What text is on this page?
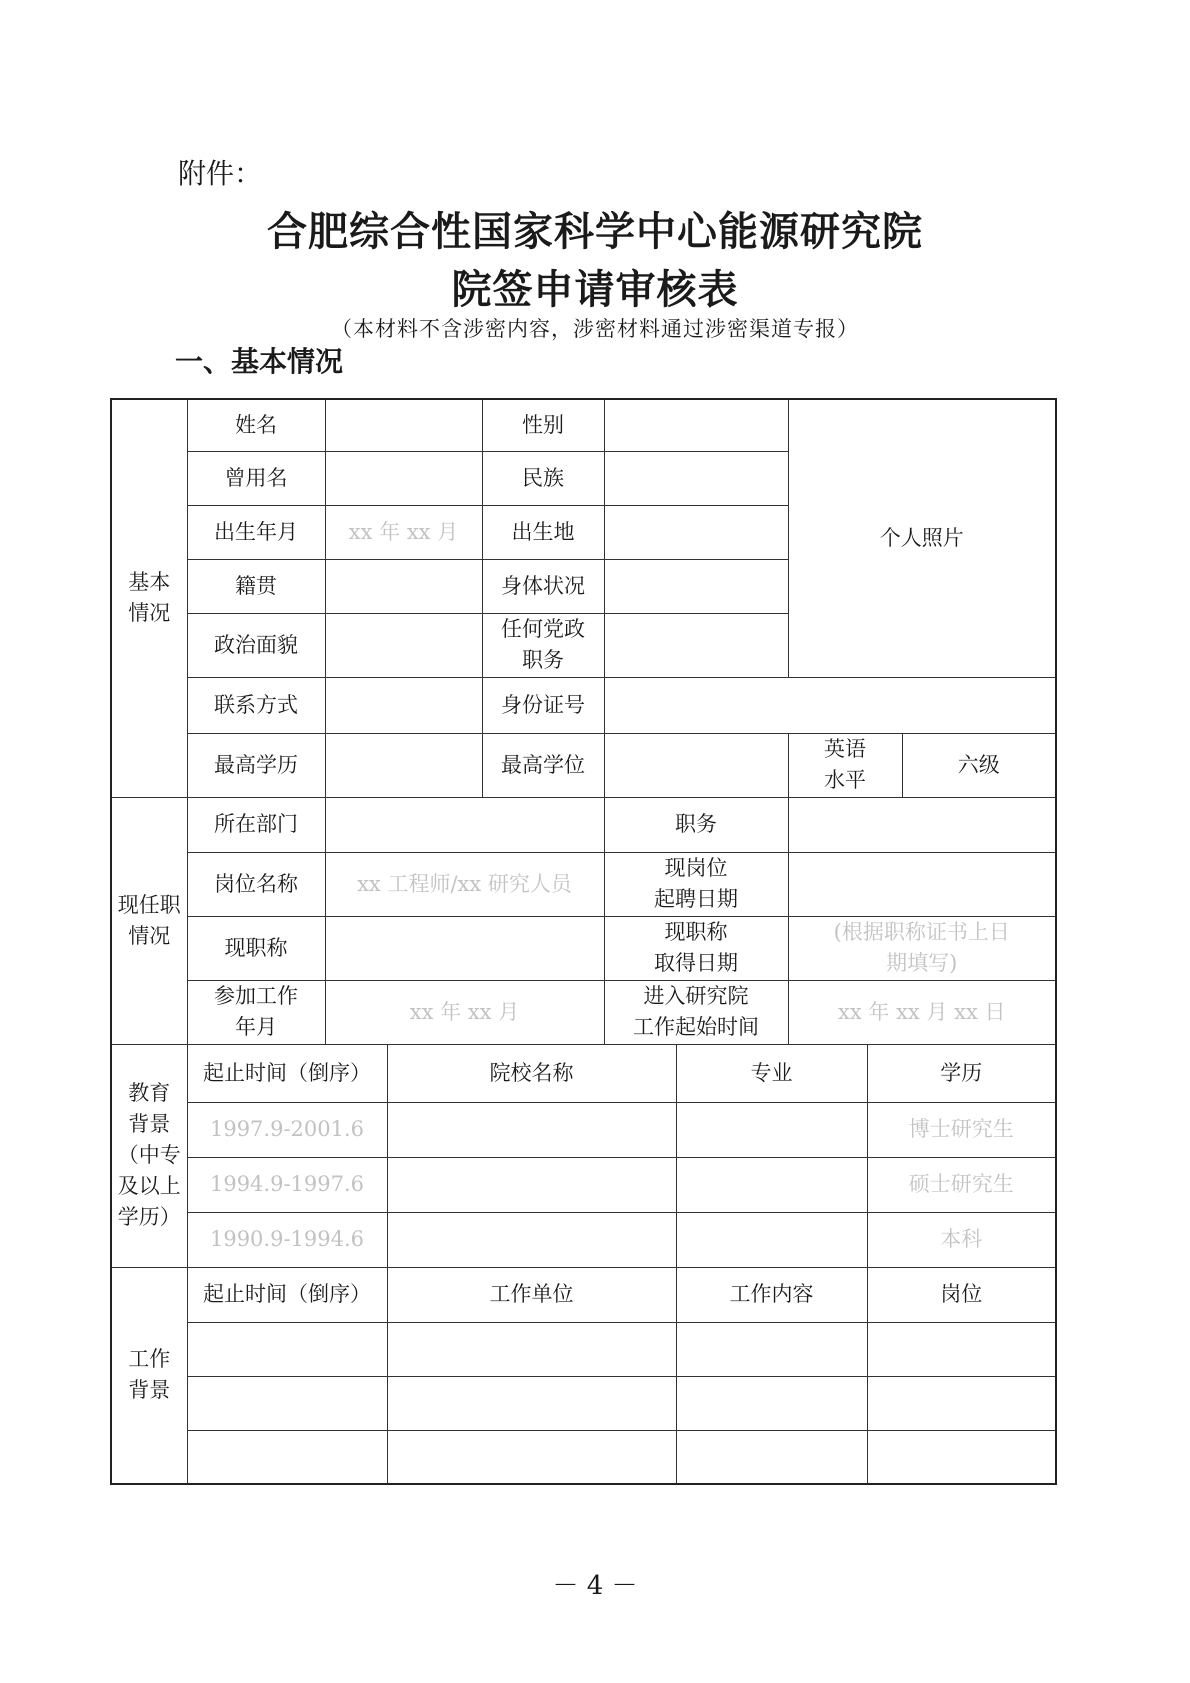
附件：
合肥综合性国家科学中心能源研究院
院签申请审核表
（本材料不含涉密内容，涉密材料通过涉密渠道专报）
一、基本情况
基本
情况	姓名			性别			个人照片		
	曾用名			民族					
	出生年月	xx 年 xx 月		出生地					
	籍贯			身体状况					
	政治面貌			任何党政
职务					
	联系方式			身份证号					
	最高学历			最高学位			英语
水平		六级
现任职
情况	所在部门				职务				
	岗位名称	xx 工程师/xx 研究人员			现岗位
起聘日期				
	现职称				现职称
取得日期		(根据职称证书上日
期填写)		
	参加工作
年月	xx 年 xx 月			进入研究院
工作起始时间		xx 年 xx 月 xx 日		
教育
背景
（中专
及以上
学历）	起止时间（倒序）		院校名称			专业		学历	
	1997.9-2001.6							博士研究生	
	1994.9-1997.6							硕士研究生	
	1990.9-1994.6							本科	
工作
背景	起止时间（倒序）		工作单位			工作内容		岗位	

－ 4 －
